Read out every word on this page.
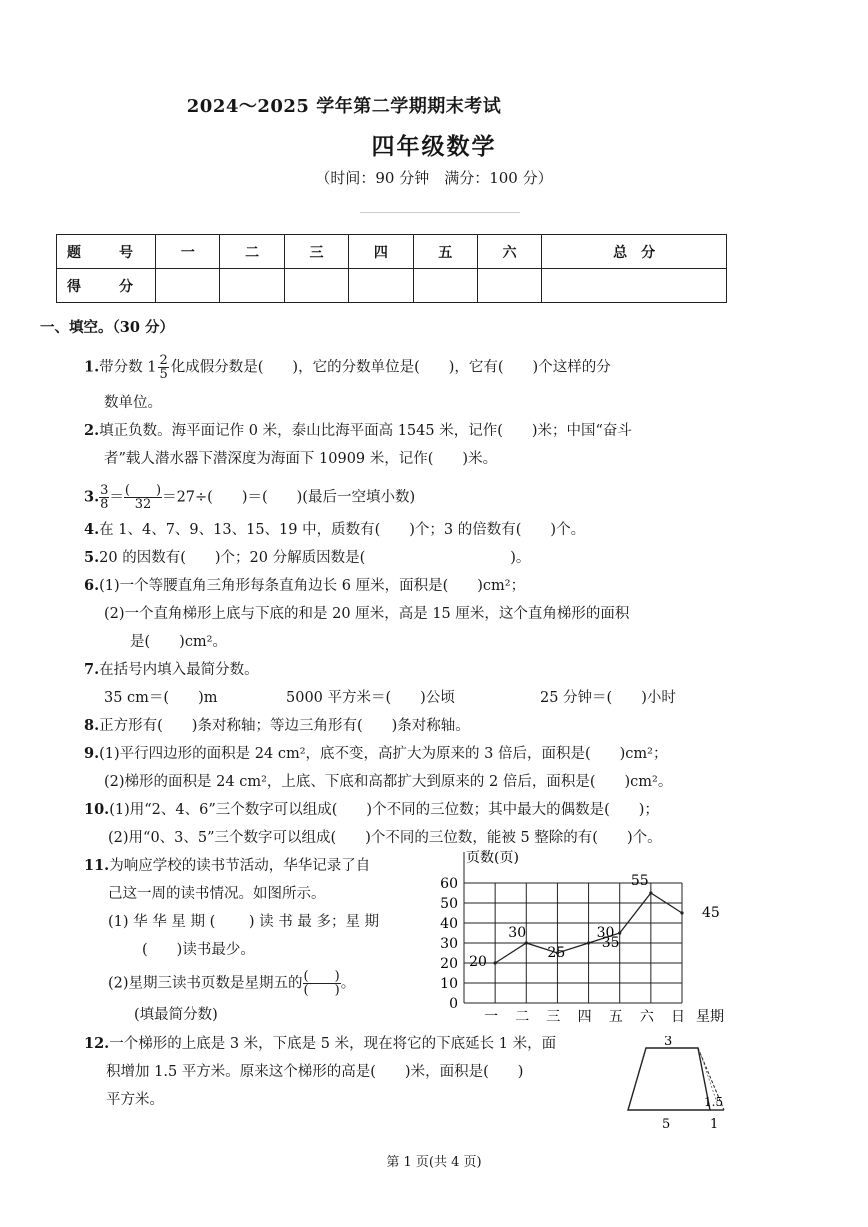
2024～2025 学年第二学期期末考试
四年级数学
（时间：90 分钟　满分：100 分）
题　号	一	二	三	四	五	六	总　分
得　分							
一、填空。（30 分）
1.带分数 $1 \frac{2}{5}$ 化成假分数是(　　)，它的分数单位是(　　)，它有(　　)个这样的分
数单位。
2.填正负数。海平面记作 0 米，泰山比海平面高 1545 米，记作(　　)米；中国“奋斗
者”载人潜水器下潜深度为海面下 10909 米，记作(　　)米。
3. $\frac{3}{8} = \frac{( )}{32} =27\div$(　　)＝(　　)(最后一空填小数)
4.在 1、4、7、9、13、15、19 中，质数有(　　)个；3 的倍数有(　　)个。
5.20 的因数有(　　)个；20 分解质因数是(　　　　　　　　　　)。
6.(1)一个等腰直角三角形每条直角边长 6 厘米，面积是(　　)cm²；
(2)一个直角梯形上底与下底的和是 20 厘米，高是 15 厘米，这个直角梯形的面积
是(　　)cm²。
7.在括号内填入最简分数。
35 cm＝(　　)m	5000 平方米＝(　　)公顷	25 分钟＝(　　)小时
8.正方形有(　　)条对称轴；等边三角形有(　　)条对称轴。
9.(1)平行四边形的面积是 24 cm²，底不变，高扩大为原来的 3 倍后，面积是(　　)cm²；
(2)梯形的面积是 24 cm²，上底、下底和高都扩大到原来的 2 倍后，面积是(　　)cm²。
10.(1)用“2、4、6”三个数字可以组成(　　)个不同的三位数；其中最大的偶数是(　　)；
(2)用“0、3、5”三个数字可以组成(　　)个不同的三位数，能被 5 整除的有(　　)个。
11.为响应学校的读书节活动，华华记录了自
己这一周的读书情况。如图所示。
(1) 华 华 星 期 (　　 ) 读 书 最 多；星 期
(　　)读书最少。
(2)星期三读书页数是星期五的 $\frac{( )}{( )}$ 。
(填最简分数)
页数(页)
0
10
20
30
40
50
60
一 二 三 四 五 六 日 星期
20
30
25
30
35
55
45
12.一个梯形的上底是 3 米，下底是 5 米，现在将它的下底延长 1 米，面
积增加 1.5 平方米。原来这个梯形的高是(　　)米，面积是(　　)
平方米。
3
5	1
1.5
第 1 页(共 4 页)
